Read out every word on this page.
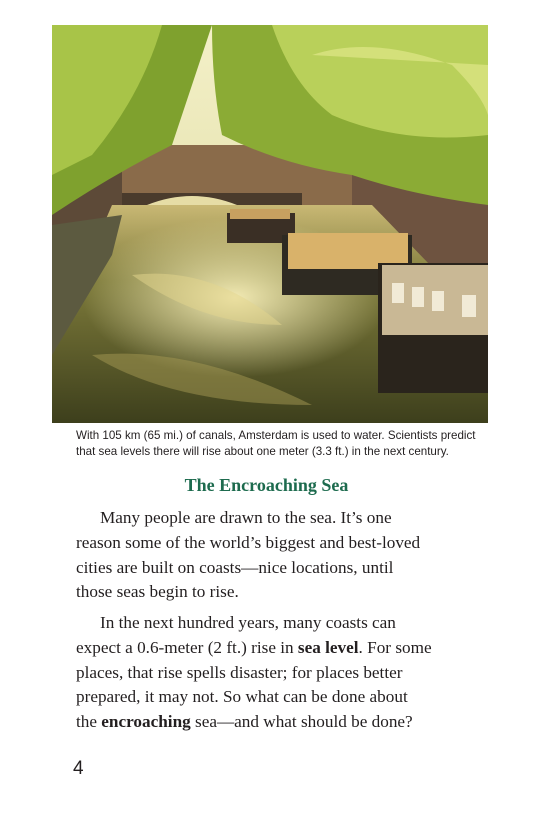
With 105 km (65 mi.) of canals, Amsterdam is used to water. Scientists predict
that sea levels there will rise about one meter (3.3 ft.) in the next century.
The Encroaching Sea
Many people are drawn to the sea. It’s one
reason some of the world’s biggest and best-loved
cities are built on coasts—nice locations, until
those seas begin to rise.
In the next hundred years, many coasts can
expect a 0.6-meter (2 ft.) rise in sea level. For some
places, that rise spells disaster; for places better
prepared, it may not. So what can be done about
the encroaching sea—and what should be done?
4
